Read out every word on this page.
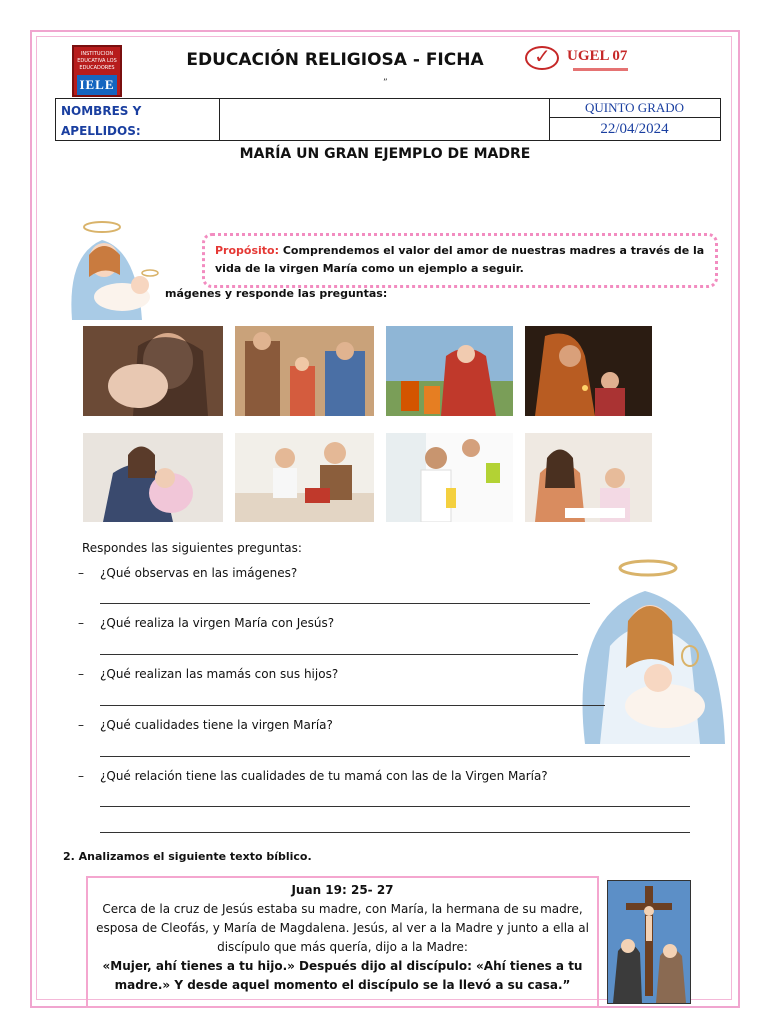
INSTITUCION EDUCATIVA LOS EDUCADORES
IELE
EDUCACIÓN RELIGIOSA - FICHA
”
✓ UGEL 07
NOMBRES Y APELLIDOS:
QUINTO GRADO
22/04/2024
MARÍA UN GRAN EJEMPLO DE MADRE
Propósito: Comprendemos el valor del amor de nuestras madres a través de la vida de la virgen María como un ejemplo a seguir.
mágenes y responde las preguntas:
Respondes las siguientes preguntas:
– ¿Qué observas en las imágenes?
– ¿Qué realiza la virgen María con Jesús?
– ¿Qué realizan las mamás con sus hijos?
– ¿Qué cualidades tiene la virgen María?
– ¿Qué relación tiene las cualidades de tu mamá con las de la Virgen María?
2. Analizamos el siguiente texto bíblico.
Juan 19: 25- 27
Cerca de la cruz de Jesús estaba su madre, con María, la hermana de su madre, esposa de Cleofás, y María de Magdalena. Jesús, al ver a la Madre y junto a ella al discípulo que más quería, dijo a la Madre:
«Mujer, ahí tienes a tu hijo.» Después dijo al discípulo: «Ahí tienes a tu madre.» Y desde aquel momento el discípulo se la llevó a su casa.”
